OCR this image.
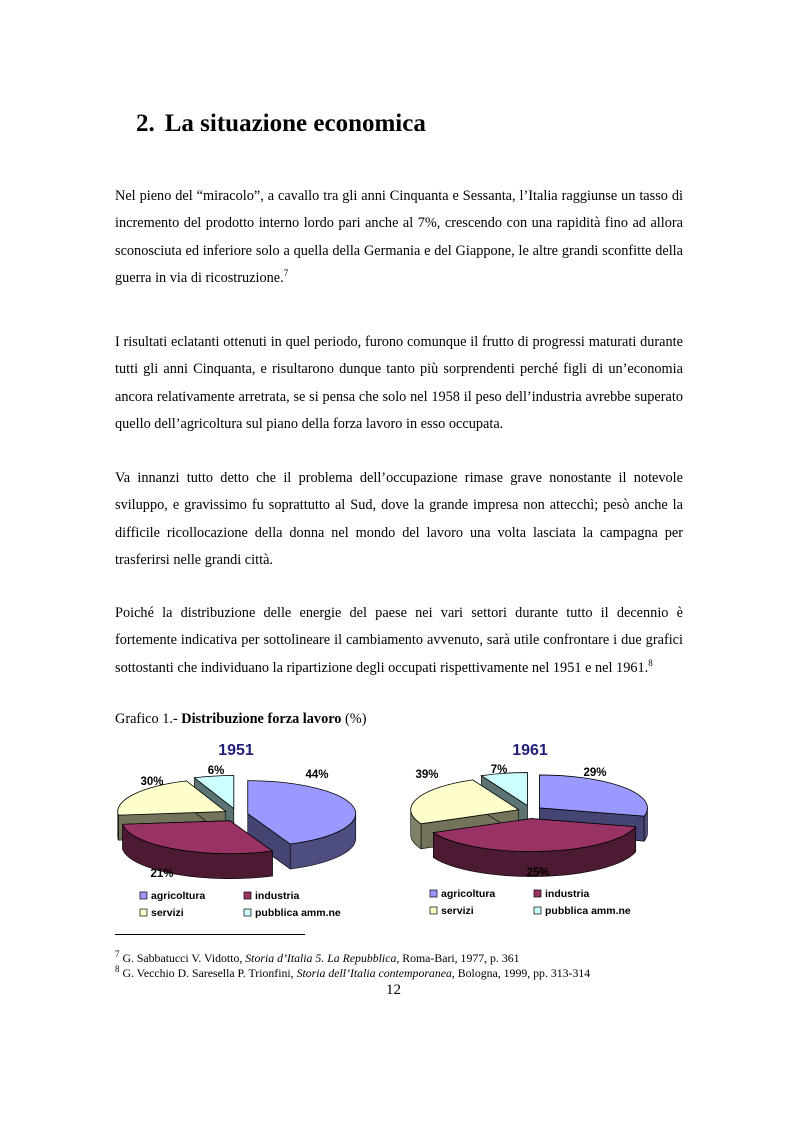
2. La situazione economica

Nel pieno del “miracolo”, a cavallo tra gli anni Cinquanta e Sessanta, l’Italia raggiunse un tasso di incremento del prodotto interno lordo pari anche al 7%, crescendo con una rapidità fino ad allora sconosciuta ed inferiore solo a quella della Germania e del Giappone, le altre grandi sconfitte della guerra in via di ricostruzione.$^7$

I risultati eclatanti ottenuti in quel periodo, furono comunque il frutto di progressi maturati durante tutti gli anni Cinquanta, e risultarono dunque tanto più sorprendenti perché figli di un’economia ancora relativamente arretrata, se si pensa che solo nel 1958 il peso dell’industria avrebbe superato quello dell’agricoltura sul piano della forza lavoro in esso occupata.

Va innanzi tutto detto che il problema dell’occupazione rimase grave nonostante il notevole sviluppo, e gravissimo fu soprattutto al Sud, dove la grande impresa non attecchì; pesò anche la difficile ricollocazione della donna nel mondo del lavoro una volta lasciata la campagna per trasferirsi nelle grandi città.

Poiché la distribuzione delle energie del paese nei vari settori durante tutto il decennio è fortemente indicativa per sottolineare il cambiamento avvenuto, sarà utile confrontare i due grafici sottostanti che individuano la ripartizione degli occupati rispettivamente nel 1951 e nel 1961.$^8$

Grafico 1.- Distribuzione forza lavoro (%)
1951
44%
30%
21%
6%
agricoltura	industria
servizi	pubblica amm.ne
1961
29%
39%
25%
7%
agricoltura	industria
servizi	pubblica amm.ne
$^7$ G. Sabbatucci V. Vidotto, Storia d’Italia 5. La Repubblica, Roma-Bari, 1977, p. 361
$^8$ G. Vecchio D. Saresella P. Trionfini, Storia dell’Italia contemporanea, Bologna, 1999, pp. 313-314
12
